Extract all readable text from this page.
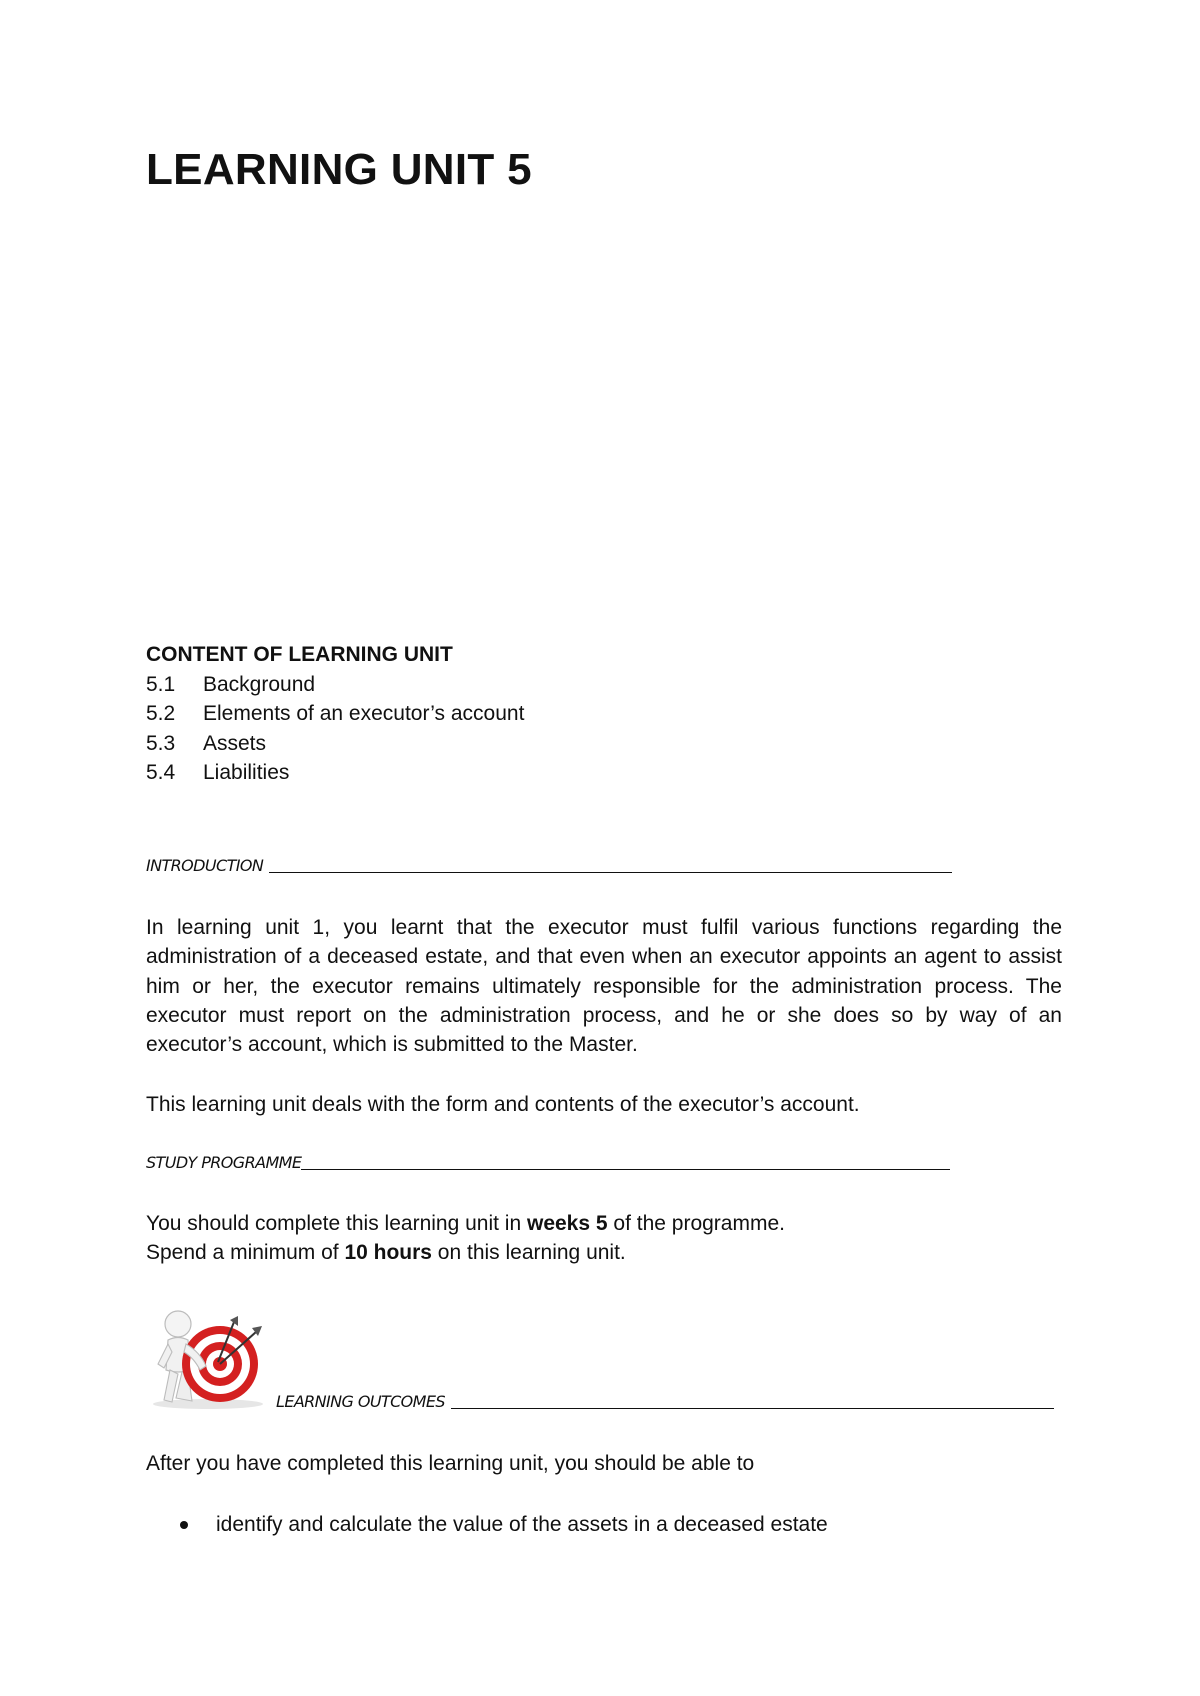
LEARNING UNIT 5
CONTENT OF LEARNING UNIT
5.1	Background
5.2	Elements of an executor’s account
5.3	Assets
5.4	Liabilities
INTRODUCTION

In learning unit 1, you learnt that the executor must fulfil various functions regarding the administration of a deceased estate, and that even when an executor appoints an agent to assist him or her, the executor remains ultimately responsible for the administration process. The executor must report on the administration process, and he or she does so by way of an executor’s account, which is submitted to the Master.

This learning unit deals with the form and contents of the executor’s account.

STUDY PROGRAMME

You should complete this learning unit in weeks 5 of the programme.

Spend a minimum of 10 hours on this learning unit.

LEARNING OUTCOMES

After you have completed this learning unit, you should be able to

identify and calculate the value of the assets in a deceased estate
